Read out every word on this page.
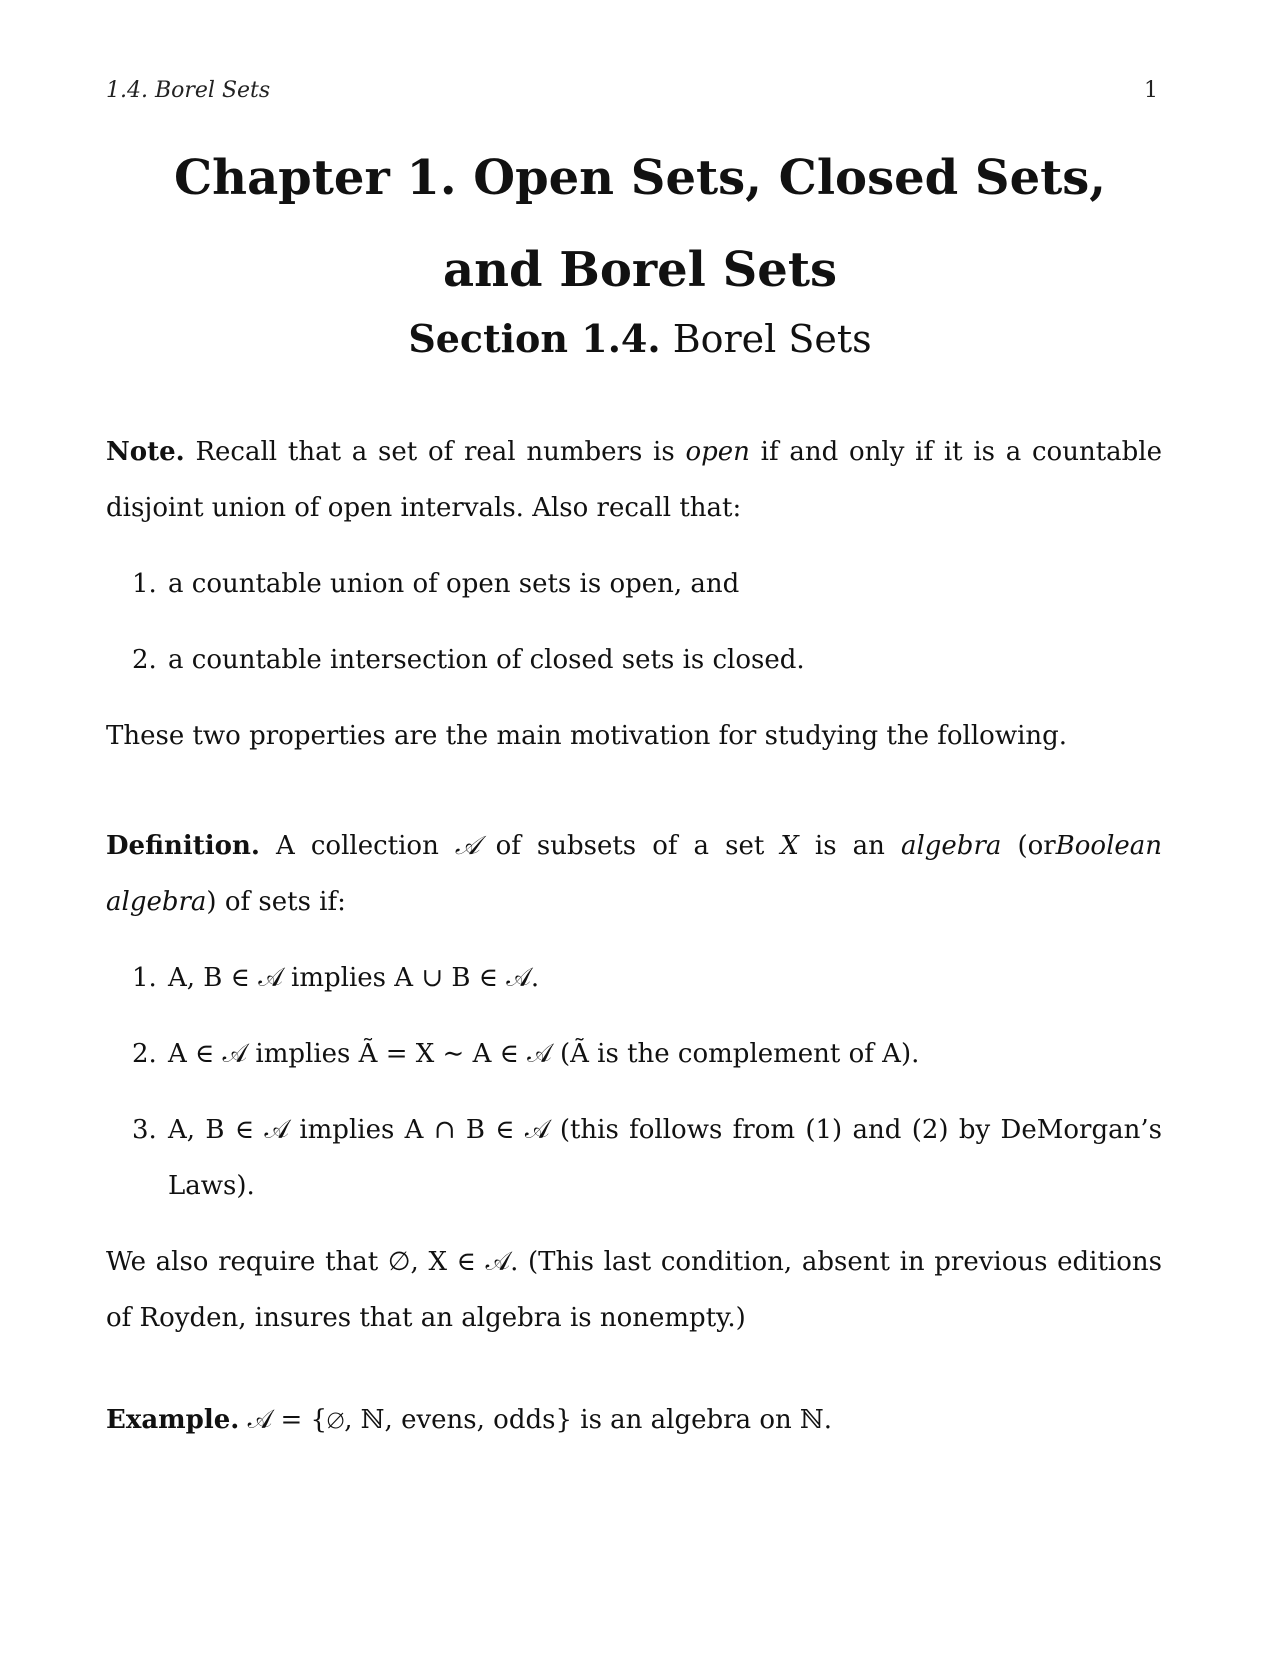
1.4. Borel Sets	1
Chapter 1. Open Sets, Closed Sets,
and Borel Sets
Section 1.4. Borel Sets

Note. Recall that a set of real numbers is open if and only if it is a countable disjoint union of open intervals. Also recall that:

1. a countable union of open sets is open, and
2. a countable intersection of closed sets is closed.

These two properties are the main motivation for studying the following.

Definition. A collection 𝒜 of subsets of a set X is an algebra (orBoolean algebra) of sets if:

1. A, B ∈ 𝒜 implies A ∪ B ∈ 𝒜.
2. A ∈ 𝒜 implies Ã = X ∼ A ∈ 𝒜 (Ã is the complement of A).
3. A, B ∈ 𝒜 implies A ∩ B ∈ 𝒜 (this follows from (1) and (2) by DeMorgan’s Laws).

We also require that ∅, X ∈ 𝒜. (This last condition, absent in previous editions of Royden, insures that an algebra is nonempty.)

Example. 𝒜 = {∅, ℕ, evens, odds} is an algebra on ℕ.
